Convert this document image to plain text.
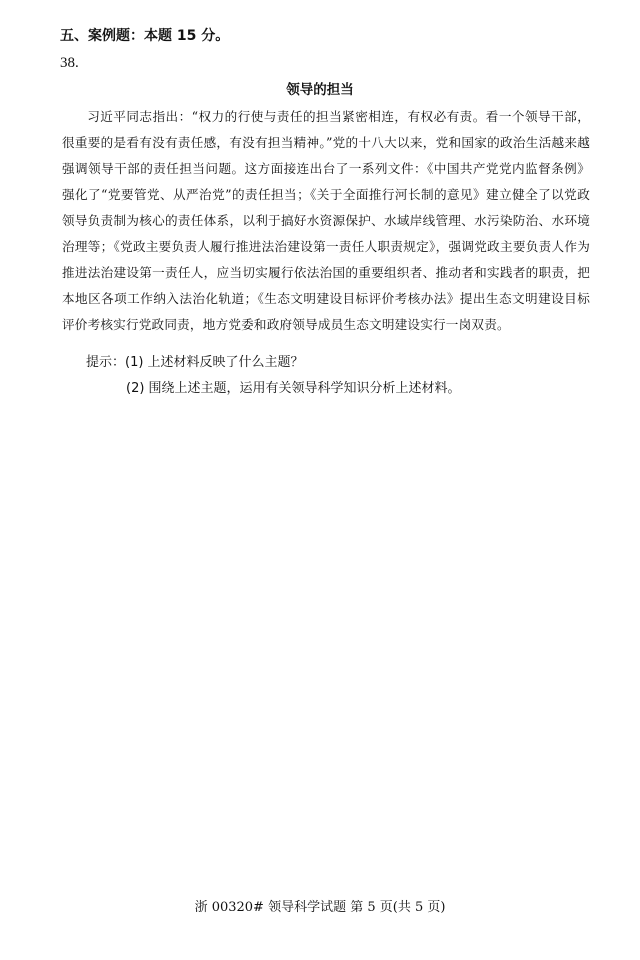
五、案例题：本题 15 分。
38.
领导的担当

习近平同志指出：“权力的行使与责任的担当紧密相连，有权必有责。看一个领导干部，很重要的是看有没有责任感，有没有担当精神。”党的十八大以来，党和国家的政治生活越来越强调领导干部的责任担当问题。这方面接连出台了一系列文件：《中国共产党党内监督条例》强化了“党要管党、从严治党”的责任担当；《关于全面推行河长制的意见》建立健全了以党政领导负责制为核心的责任体系，以利于搞好水资源保护、水域岸线管理、水污染防治、水环境治理等；《党政主要负责人履行推进法治建设第一责任人职责规定》，强调党政主要负责人作为推进法治建设第一责任人，应当切实履行依法治国的重要组织者、推动者和实践者的职责，把本地区各项工作纳入法治化轨道；《生态文明建设目标评价考核办法》提出生态文明建设目标评价考核实行党政同责，地方党委和政府领导成员生态文明建设实行一岗双责。

提示：(1) 上述材料反映了什么主题？
(2) 围绕上述主题，运用有关领导科学知识分析上述材料。
浙 00320# 领导科学试题 第 5 页(共 5 页)
